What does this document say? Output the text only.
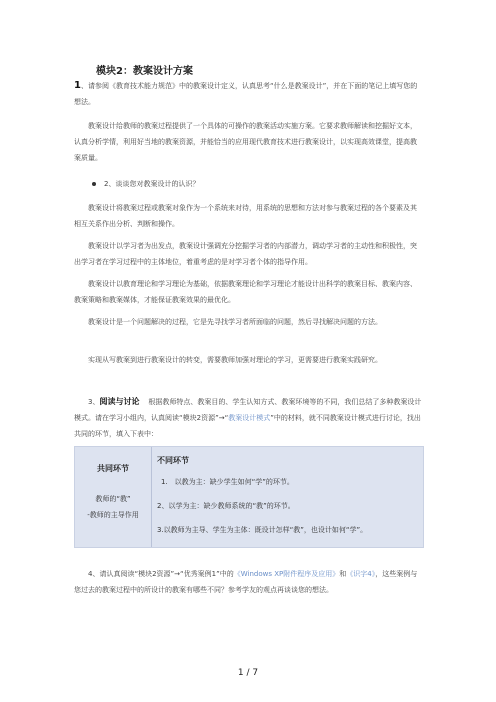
模块2：教案设计方案
1、请参阅《教育技术能力规范》中的教案设计定义，认真思考“什么是教案设计”，并在下面的笔记上填写您的想法。
教案设计给教师的教案过程提供了一个具体的可操作的教案活动实施方案。它要求教师解读和挖掘好文本，认真分析学情，利用好当地的教案资源，并能恰当的应用现代教育技术进行教案设计，以实现高效课堂，提高教案质量。
2、谈谈您对教案设计的认识？
教案设计将教案过程或教案对象作为一个系统来对待，用系统的思想和方法对参与教案过程的各个要素及其相互关系作出分析、判断和操作。
教案设计以学习者为出发点，教案设计强调充分挖掘学习者的内部潜力，调动学习者的主动性和积极性，突出学习者在学习过程中的主体地位，着重考虑的是对学习者个体的指导作用。
教案设计以教育理论和学习理论为基础，依据教案理论和学习理论才能设计出科学的教案目标、教案内容、教案策略和教案媒体，才能保证教案效果的最优化。
教案设计是一个问题解决的过程，它是先寻找学习者所面临的问题，然后寻找解决问题的方法。
实现从写教案到进行教案设计的转变，需要教师加强对理论的学习，更需要进行教案实践研究。
3、阅读与讨论 根据教师特点、教案目的、学生认知方式、教案环境等的不同，我们总结了多种教案设计模式。请在学习小组内，认真阅读“模块2资源”→“教案设计模式”中的材料，就不同教案设计模式进行讨论，找出共同的环节，填入下表中：
共同环节
教师的“教”
-教师的主导作用
不同环节
1.　以教为主：缺少学生如何“学”的环节。
2、以学为主：缺少教师系统的“教”的环节。
3.以教师为主导、学生为主体：既设计怎样“教”，也设计如何“学”。
4、请认真阅读“模块2资源”→“优秀案例1”中的《Windows XP附件程序及应用》和《识字4》，这些案例与您过去的教案过程中的所设计的教案有哪些不同？参考学友的观点再谈谈您的想法。
1 / 7
